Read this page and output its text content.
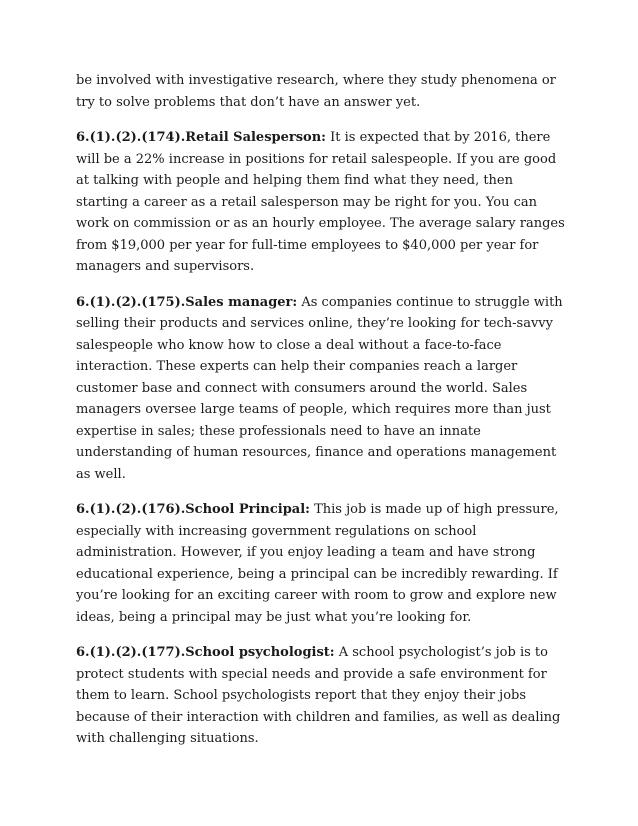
be involved with investigative research, where they study phenomena or try to solve problems that don’t have an answer yet.

6.(1).(2).(174).Retail Salesperson: It is expected that by 2016, there will be a 22% increase in positions for retail salespeople. If you are good at talking with people and helping them find what they need, then starting a career as a retail salesperson may be right for you. You can work on commission or as an hourly employee. The average salary ranges from $19,000 per year for full-time employees to $40,000 per year for managers and supervisors.

6.(1).(2).(175).Sales manager: As companies continue to struggle with selling their products and services online, they’re looking for tech-savvy salespeople who know how to close a deal without a face-to-face interaction. These experts can help their companies reach a larger customer base and connect with consumers around the world. Sales managers oversee large teams of people, which requires more than just expertise in sales; these professionals need to have an innate understanding of human resources, finance and operations management as well.

6.(1).(2).(176).School Principal: This job is made up of high pressure, especially with increasing government regulations on school administration. However, if you enjoy leading a team and have strong educational experience, being a principal can be incredibly rewarding. If you’re looking for an exciting career with room to grow and explore new ideas, being a principal may be just what you’re looking for.

6.(1).(2).(177).School psychologist: A school psychologist’s job is to protect students with special needs and provide a safe environment for them to learn. School psychologists report that they enjoy their jobs because of their interaction with children and families, as well as dealing with challenging situations.
